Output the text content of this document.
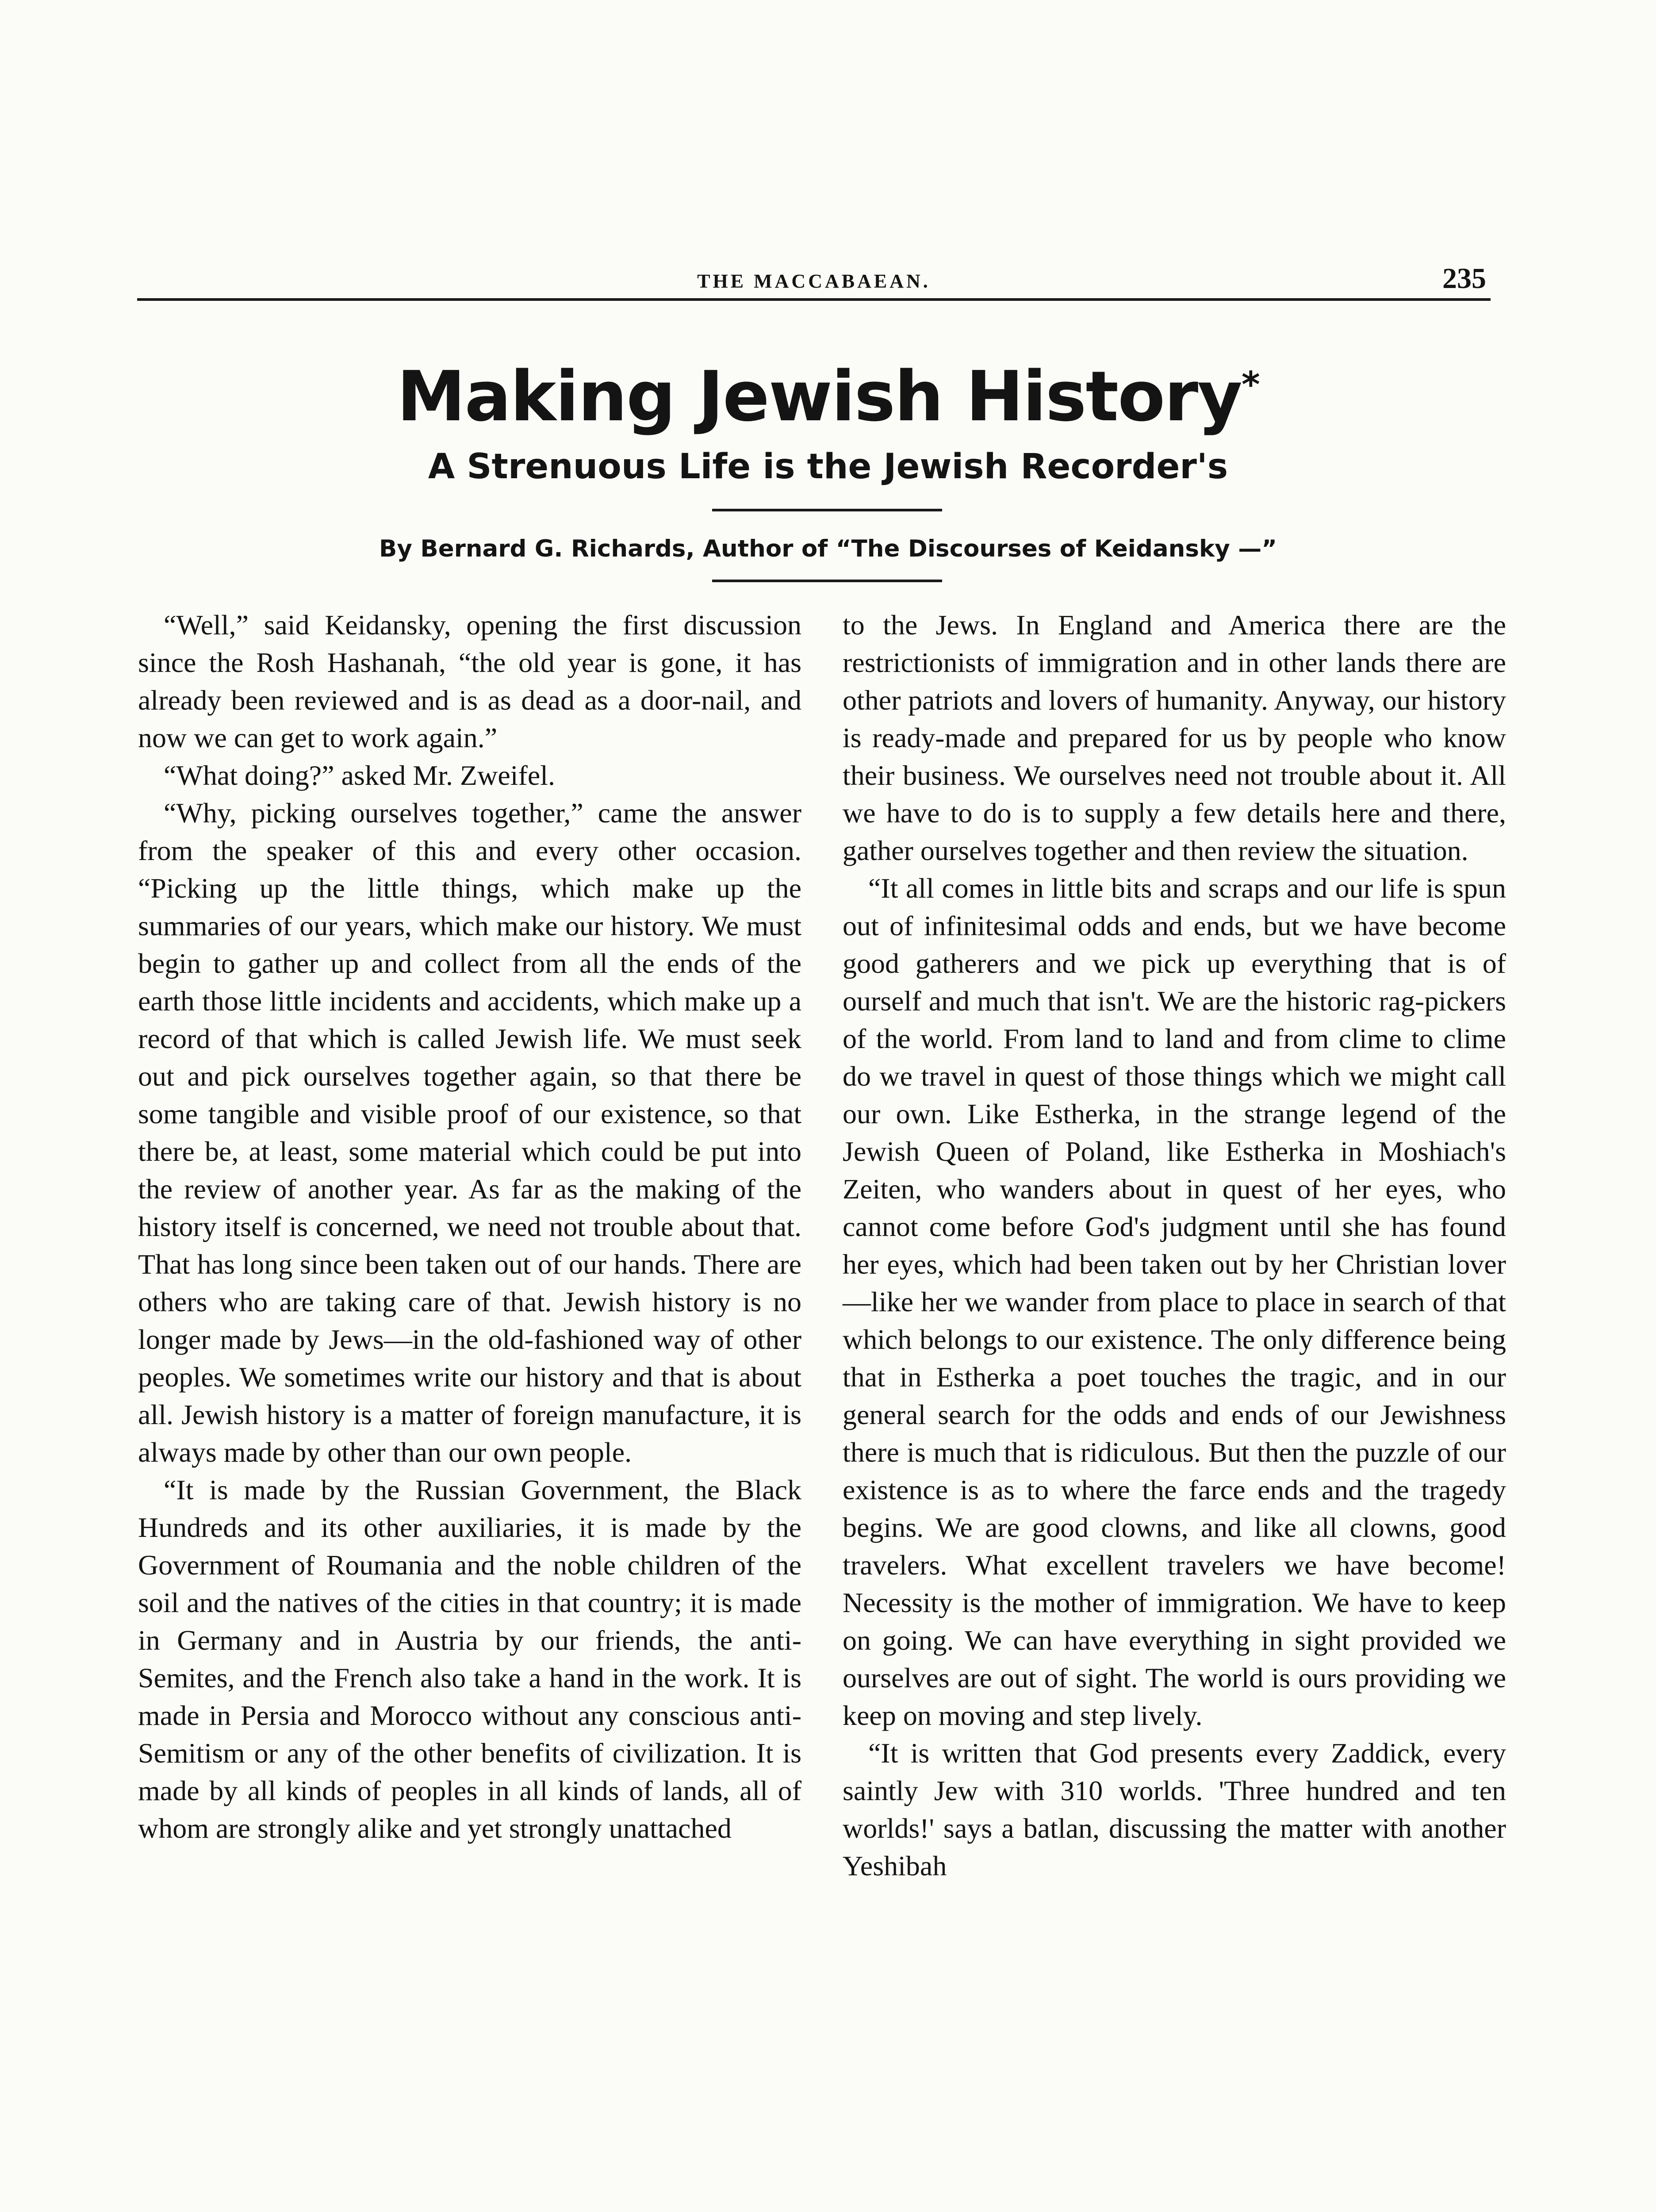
THE MACCABAEAN.	235
Making Jewish History*
A Strenuous Life is the Jewish Recorder's
By Bernard G. Richards, Author of “The Discourses of Keidansky —”

“Well,” said Keidansky, opening the first discussion since the Rosh Hashanah, “the old year is gone, it has already been reviewed and is as dead as a door-nail, and now we can get to work again.”

“What doing?” asked Mr. Zweifel.

“Why, picking ourselves together,” came the answer from the speaker of this and every other occasion. “Picking up the little things, which make up the summaries of our years, which make our history. We must begin to gather up and collect from all the ends of the earth those little incidents and accidents, which make up a record of that which is called Jewish life. We must seek out and pick ourselves together again, so that there be some tangible and visible proof of our existence, so that there be, at least, some material which could be put into the review of another year. As far as the making of the history itself is concerned, we need not trouble about that. That has long since been taken out of our hands. There are others who are taking care of that. Jewish history is no longer made by Jews—in the old-fashioned way of other peoples. We sometimes write our history and that is about all. Jewish history is a matter of foreign manufacture, it is always made by other than our own people.

“It is made by the Russian Government, the Black Hundreds and its other auxiliaries, it is made by the Government of Roumania and the noble children of the soil and the natives of the cities in that country; it is made in Germany and in Austria by our friends, the anti-Semites, and the French also take a hand in the work. It is made in Persia and Morocco without any conscious anti-Semitism or any of the other benefits of civilization. It is made by all kinds of peoples in all kinds of lands, all of whom are strongly alike and yet strongly unattached

to the Jews. In England and America there are the restrictionists of immigration and in other lands there are other patriots and lovers of humanity. Anyway, our history is ready-made and prepared for us by people who know their business. We ourselves need not trouble about it. All we have to do is to supply a few details here and there, gather ourselves together and then review the situation.

“It all comes in little bits and scraps and our life is spun out of infinitesimal odds and ends, but we have become good gatherers and we pick up everything that is of ourself and much that isn't. We are the historic rag-pickers of the world. From land to land and from clime to clime do we travel in quest of those things which we might call our own. Like Estherka, in the strange legend of the Jewish Queen of Poland, like Estherka in Moshiach's Zeiten, who wanders about in quest of her eyes, who cannot come before God's judgment until she has found her eyes, which had been taken out by her Christian lover—like her we wander from place to place in search of that which belongs to our existence. The only difference being that in Estherka a poet touches the tragic, and in our general search for the odds and ends of our Jewishness there is much that is ridiculous. But then the puzzle of our existence is as to where the farce ends and the tragedy begins. We are good clowns, and like all clowns, good travelers. What excellent travelers we have become! Necessity is the mother of immigration. We have to keep on going. We can have everything in sight provided we ourselves are out of sight. The world is ours providing we keep on moving and step lively.

“It is written that God presents every Zaddick, every saintly Jew with 310 worlds. 'Three hundred and ten worlds!' says a batlan, discussing the matter with another Yeshibah
